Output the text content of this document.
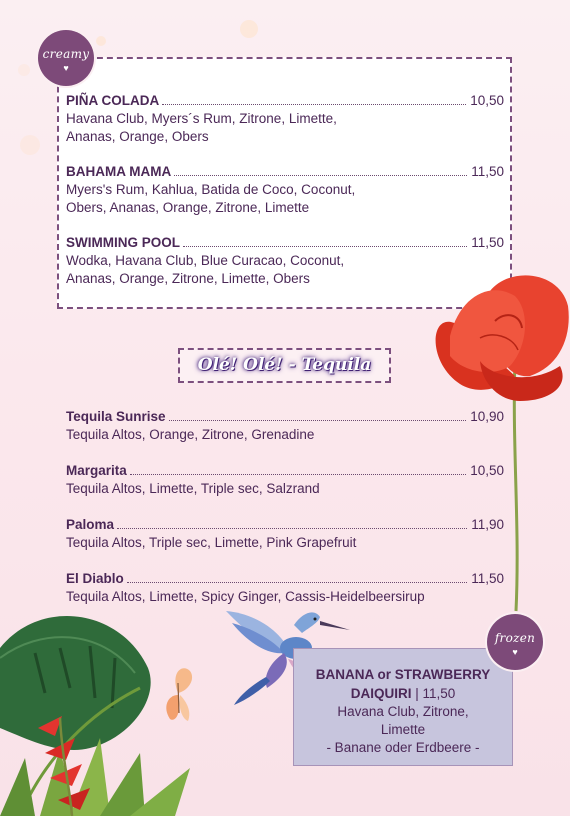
creamy
♥
PIÑA COLADA	10,50
Havana Club, Myers´s Rum, Zitrone, Limette,
Ananas, Orange, Obers
BAHAMA MAMA	11,50
Myers's Rum, Kahlua, Batida de Coco, Coconut,
Obers, Ananas, Orange, Zitrone, Limette
SWIMMING POOL	11,50
Wodka, Havana Club, Blue Curacao, Coconut,
Ananas, Orange, Zitrone, Limette, Obers
Olé! Olé! - Tequila
Tequila Sunrise	10,90
Tequila Altos, Orange, Zitrone, Grenadine
Margarita	10,50
Tequila Altos, Limette, Triple sec, Salzrand
Paloma	11,90
Tequila Altos, Triple sec, Limette, Pink Grapefruit
El Diablo	11,50
Tequila Altos, Limette, Spicy Ginger, Cassis-Heidelbeersirup
BANANA or STRAWBERRY
DAIQUIRI | 11,50
Havana Club, Zitrone,
Limette
- Banane oder Erdbeere -
frozen
♥
